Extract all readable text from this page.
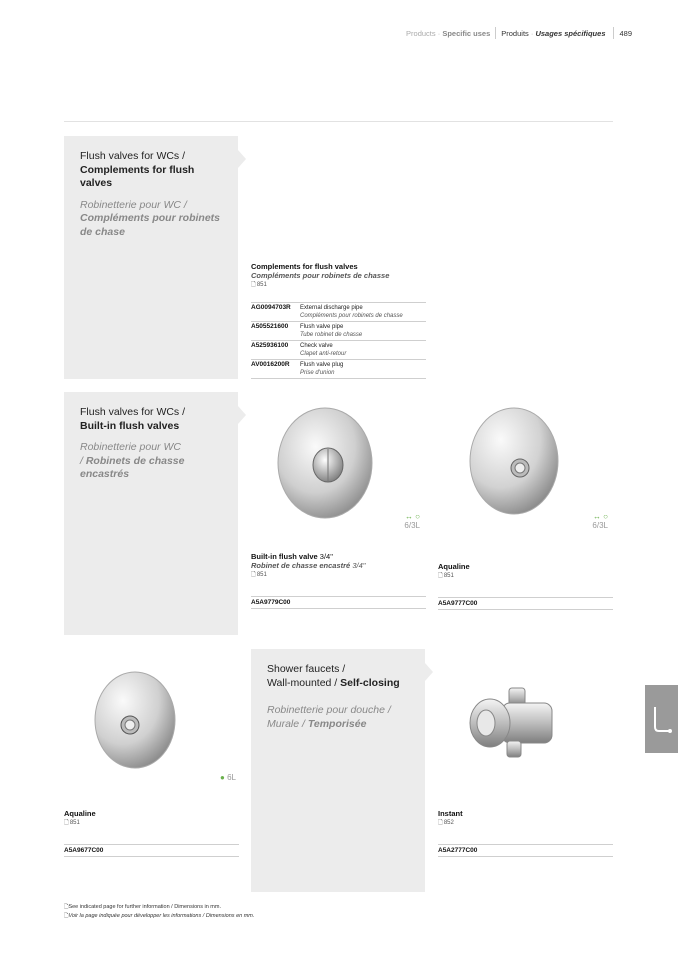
Products · Specific uses Produits · Usages spécifiques 489
Flush valves for WCs /
Complements for flush valves
Robinetterie pour WC /
Compléments pour robinets de chase
Complements for flush valves
Compléments pour robinets de chasse
🗋 851
AG0094703R	External discharge pipe
Compléments pour robinets de chasse

A505521600	Flush valve pipe
Tube robinet de chasse

A525936100	Check valve
Clapet anti-retour

AV0016200R	Flush valve plug
Prise d'union
Flush valves for WCs /
Built-in flush valves
Robinetterie pour WC / Robinets de chasse encastrés
↔ ○
6/3L
Built-in flush valve 3/4"
Robinet de chasse encastré 3/4"
🗋 851
A5A9779C00
↔ ○
6/3L
Aqualine
🗋 851
A5A9777C00
Shower faucets /
Wall-mounted / Self-closing
Robinetterie pour douche /
Murale / Temporisée
● 6L
Aqualine
🗋 851
A5A9677C00
Instant
🗋 852
A5A2777C00
🗋See indicated page for further information / Dimensions in mm.
🗋Voir la page indiquée pour développer les informations / Dimensions en mm.
